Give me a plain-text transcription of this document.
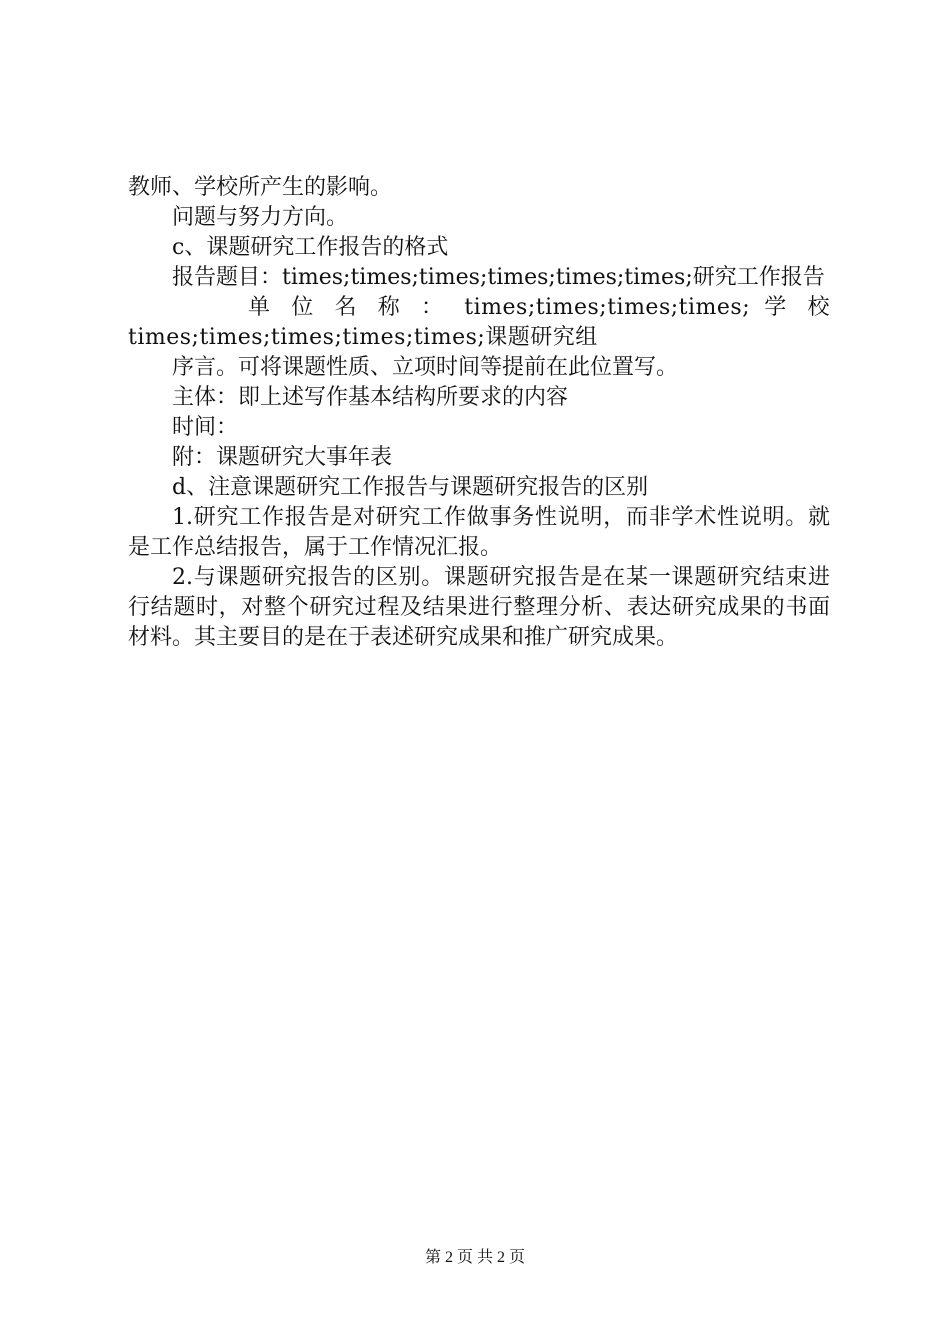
教师、学校所产生的影响。

问题与努力方向。

c、课题研究工作报告的格式

报告题目：times;times;times;times;times;times;研究工作报告

单 位 名 称 ： times;times;times;times; 学 校 times;times;times;times;times;课题研究组

序言。可将课题性质、立项时间等提前在此位置写。

主体：即上述写作基本结构所要求的内容

时间：

附：课题研究大事年表

d、注意课题研究工作报告与课题研究报告的区别

1.研究工作报告是对研究工作做事务性说明，而非学术性说明。就是工作总结报告，属于工作情况汇报。

2.与课题研究报告的区别。课题研究报告是在某一课题研究结束进行结题时，对整个研究过程及结果进行整理分析、表达研究成果的书面材料。其主要目的是在于表述研究成果和推广研究成果。

第 2 页 共 2 页
